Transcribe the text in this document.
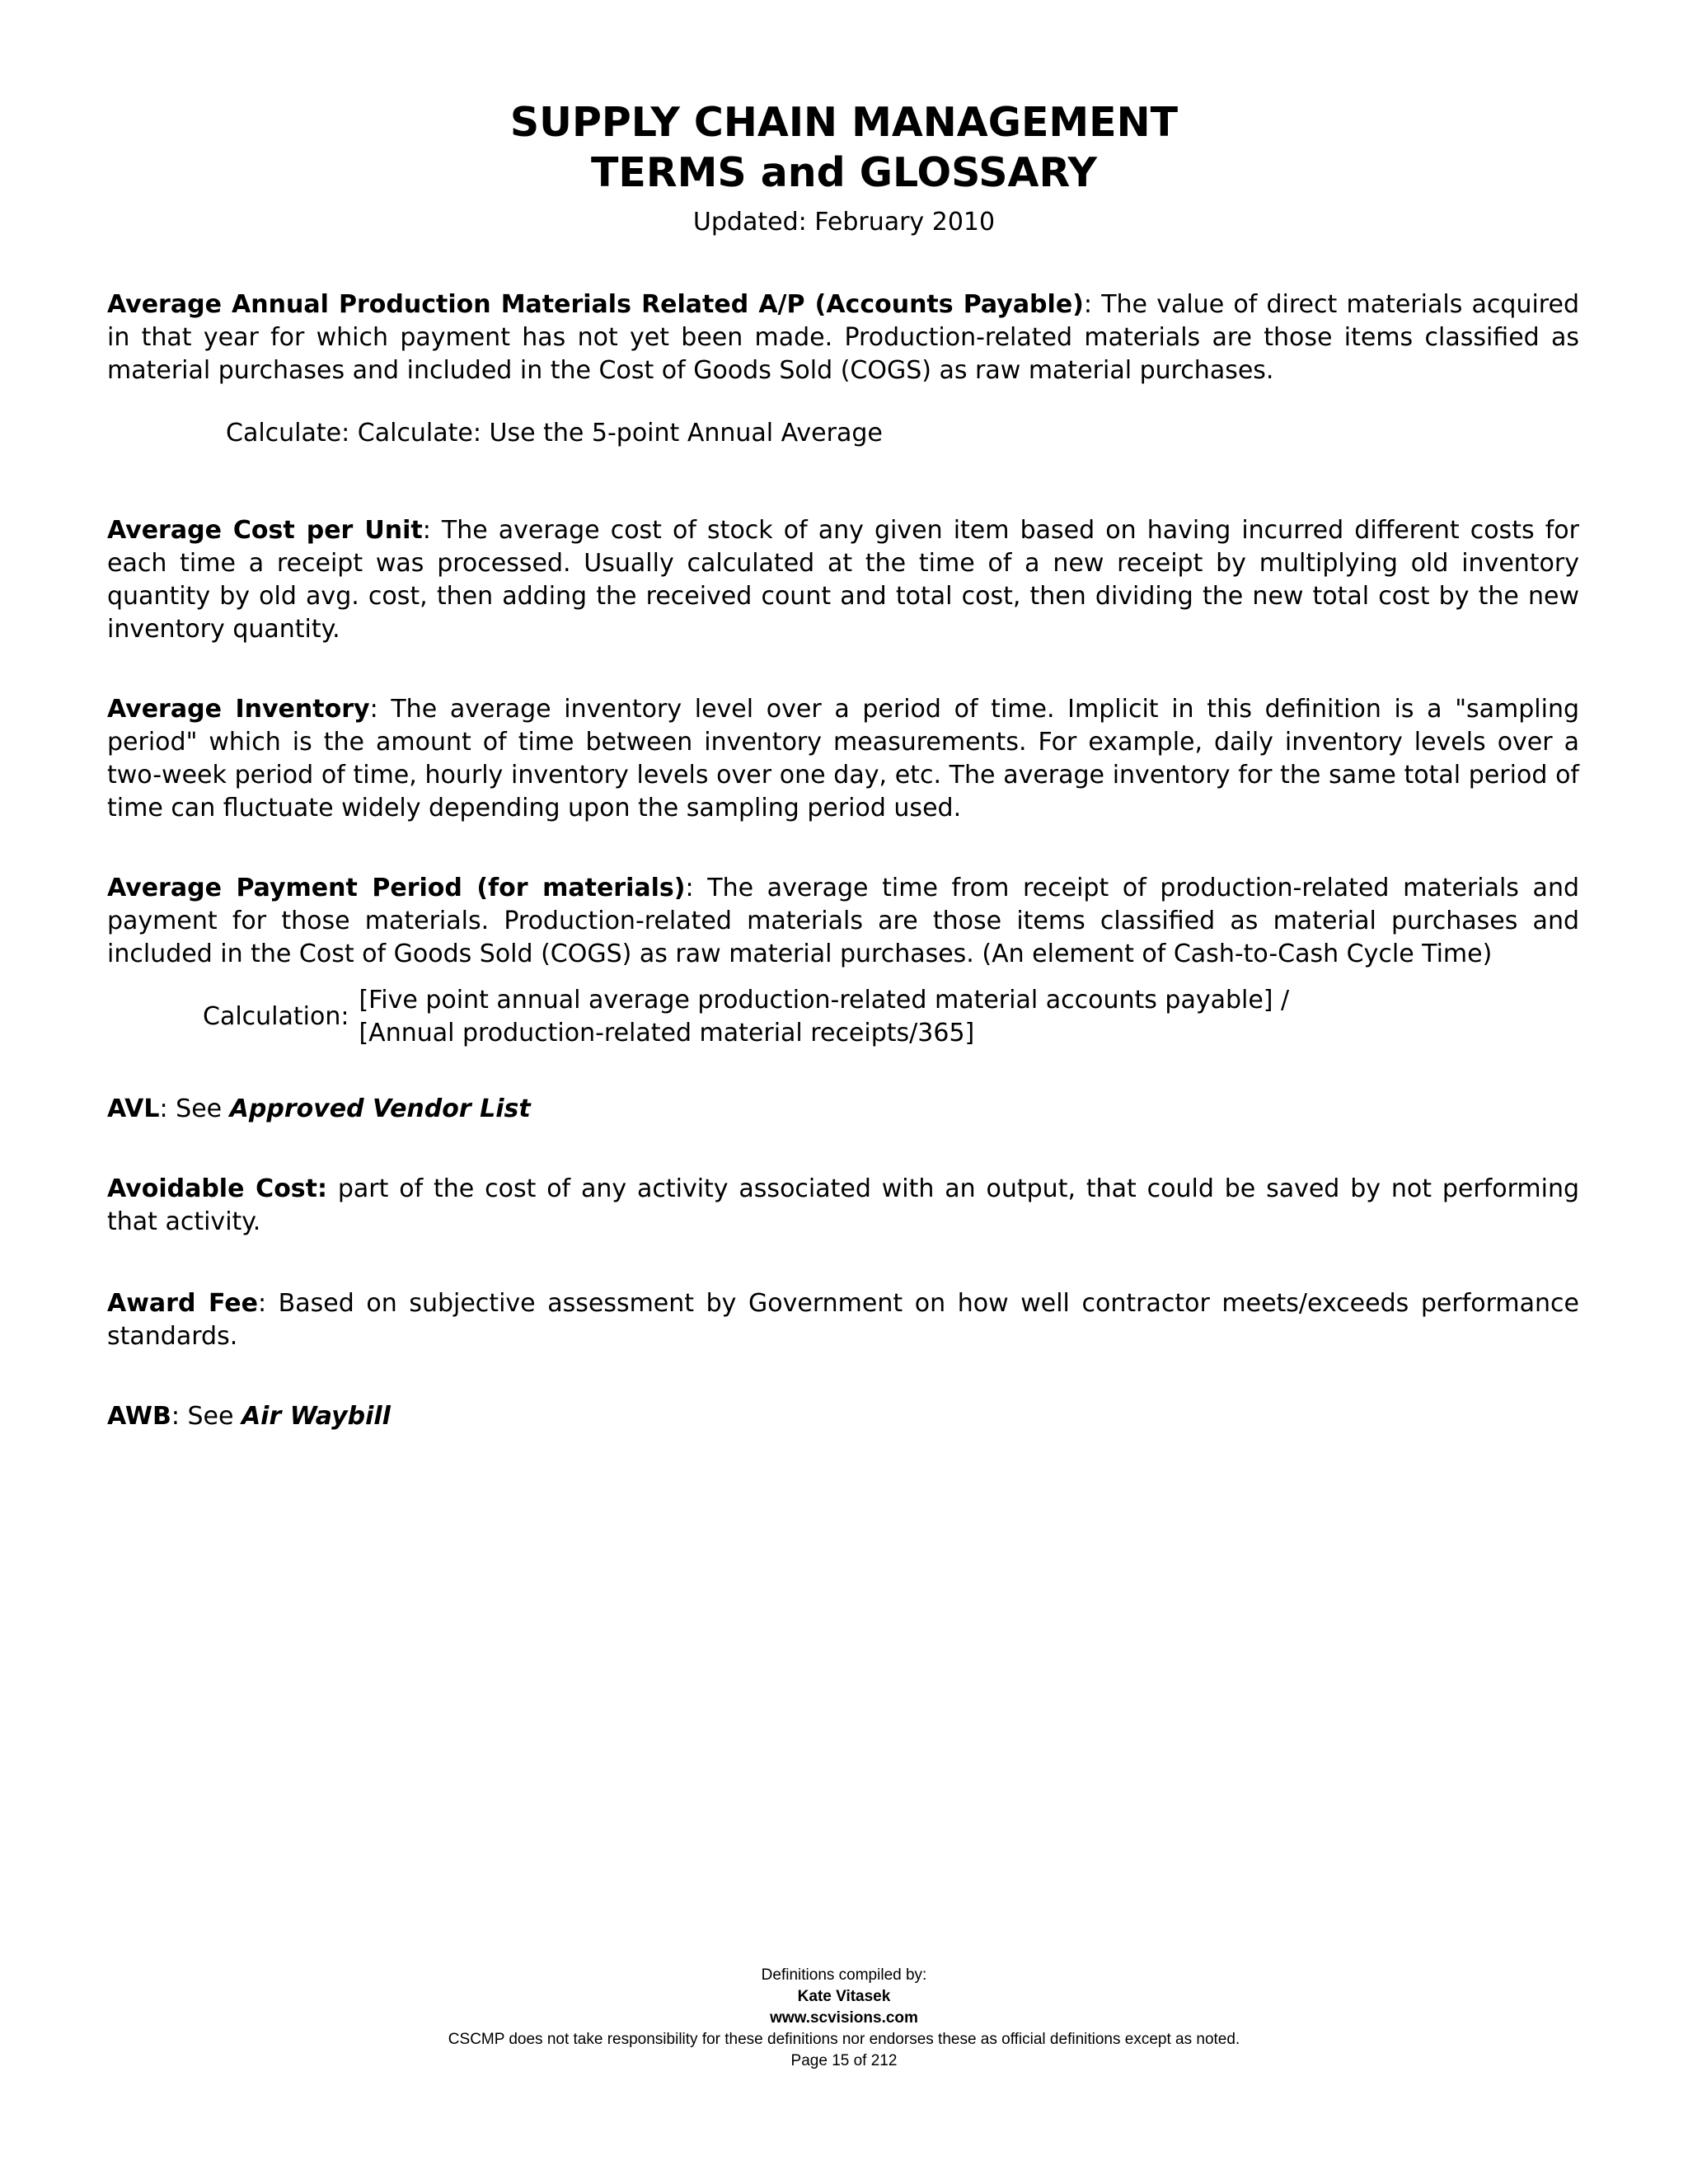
SUPPLY CHAIN MANAGEMENT
TERMS and GLOSSARY
Updated: February 2010

Average Annual Production Materials Related A/P (Accounts Payable): The value of direct materials acquired in that year for which payment has not yet been made. Production-related materials are those items classified as material purchases and included in the Cost of Goods Sold (COGS) as raw material purchases.

Calculate: Calculate: Use the 5-point Annual Average

Average Cost per Unit: The average cost of stock of any given item based on having incurred different costs for each time a receipt was processed. Usually calculated at the time of a new receipt by multiplying old inventory quantity by old avg. cost, then adding the received count and total cost, then dividing the new total cost by the new inventory quantity.

Average Inventory: The average inventory level over a period of time. Implicit in this definition is a "sampling period" which is the amount of time between inventory measurements. For example, daily inventory levels over a two-week period of time, hourly inventory levels over one day, etc. The average inventory for the same total period of time can fluctuate widely depending upon the sampling period used.

Average Payment Period (for materials): The average time from receipt of production-related materials and payment for those materials. Production-related materials are those items classified as material purchases and included in the Cost of Goods Sold (COGS) as raw material purchases. (An element of Cash-to-Cash Cycle Time)

Calculation:
[Five point annual average production-related material accounts payable] /
[Annual production-related material receipts/365]

AVL: See Approved Vendor List

Avoidable Cost: part of the cost of any activity associated with an output, that could be saved by not performing that activity.

Award Fee: Based on subjective assessment by Government on how well contractor meets/exceeds performance standards.

AWB: See Air Waybill

Definitions compiled by:
Kate Vitasek
www.scvisions.com
CSCMP does not take responsibility for these definitions nor endorses these as official definitions except as noted.
Page 15 of 212
